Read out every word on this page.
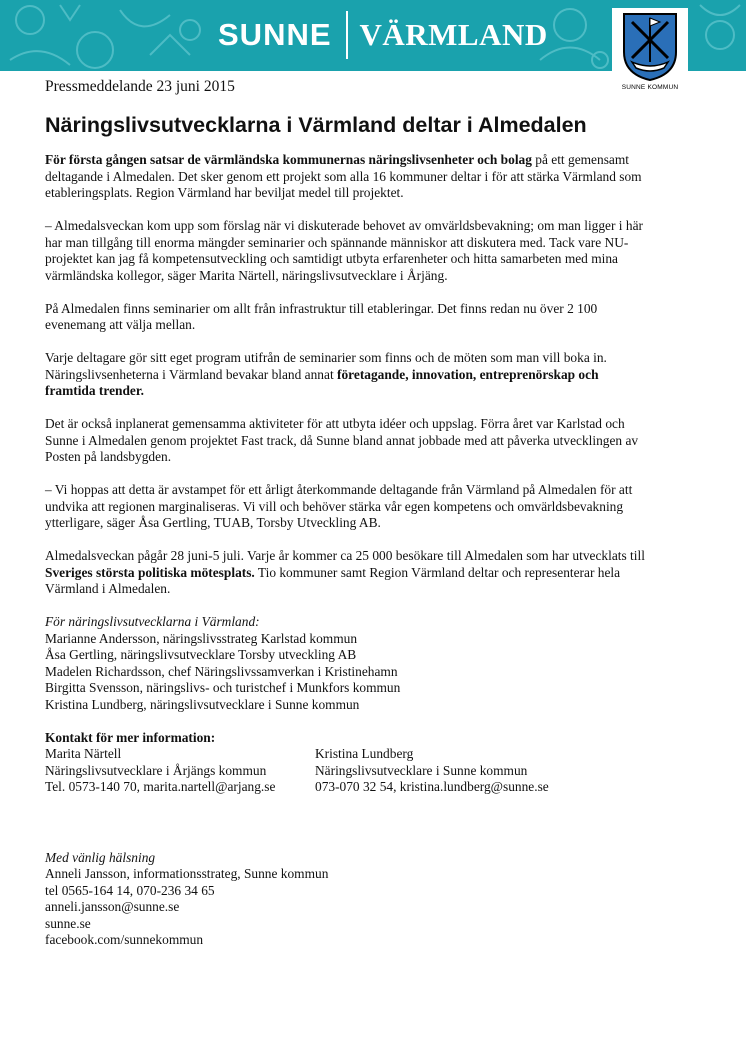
SUNNE VÄRMLAND
SUNNE KOMMUN
Pressmeddelande 23 juni 2015
Näringslivsutvecklarna i Värmland deltar i Almedalen

För första gången satsar de värmländska kommunernas näringslivsenheter och bolag på ett gemensamt deltagande i Almedalen. Det sker genom ett projekt som alla 16 kommuner deltar i för att stärka Värmland som etableringsplats. Region Värmland har beviljat medel till projektet.

– Almedalsveckan kom upp som förslag när vi diskuterade behovet av omvärldsbevakning; om man ligger i här har man tillgång till enorma mängder seminarier och spännande människor att diskutera med. Tack vare NU-projektet kan jag få kompetensutveckling och samtidigt utbyta erfarenheter och hitta samarbeten med mina värmländska kollegor, säger Marita Närtell, näringslivsutvecklare i Årjäng.

På Almedalen finns seminarier om allt från infrastruktur till etableringar. Det finns redan nu över 2 100 evenemang att välja mellan.

Varje deltagare gör sitt eget program utifrån de seminarier som finns och de möten som man vill boka in. Näringslivsenheterna i Värmland bevakar bland annat företagande, innovation, entreprenörskap och framtida trender.

Det är också inplanerat gemensamma aktiviteter för att utbyta idéer och uppslag. Förra året var Karlstad och Sunne i Almedalen genom projektet Fast track, då Sunne bland annat jobbade med att påverka utvecklingen av Posten på landsbygden.

– Vi hoppas att detta är avstampet för ett årligt återkommande deltagande från Värmland på Almedalen för att undvika att regionen marginaliseras. Vi vill och behöver stärka vår egen kompetens och omvärldsbevakning ytterligare, säger Åsa Gertling, TUAB, Torsby Utveckling AB.

Almedalsveckan pågår 28 juni-5 juli. Varje år kommer ca 25 000 besökare till Almedalen som har utvecklats till Sveriges största politiska mötesplats. Tio kommuner samt Region Värmland deltar och representerar hela Värmland i Almedalen.

För näringslivsutvecklarna i Värmland:
Marianne Andersson, näringslivsstrateg Karlstad kommun
Åsa Gertling, näringslivsutvecklare Torsby utveckling AB
Madelen Richardsson, chef Näringslivssamverkan i Kristinehamn
Birgitta Svensson, näringslivs- och turistchef i Munkfors kommun
Kristina Lundberg, näringslivsutvecklare i Sunne kommun
Kontakt för mer information:
Marita Närtell
Näringslivsutvecklare i Årjängs kommun
Tel. 0573-140 70, marita.nartell@arjang.se
Kristina Lundberg
Näringslivsutvecklare i Sunne kommun
073-070 32 54, kristina.lundberg@sunne.se
Med vänlig hälsning
Anneli Jansson, informationsstrateg, Sunne kommun
tel 0565-164 14, 070-236 34 65
anneli.jansson@sunne.se
sunne.se
facebook.com/sunnekommun
